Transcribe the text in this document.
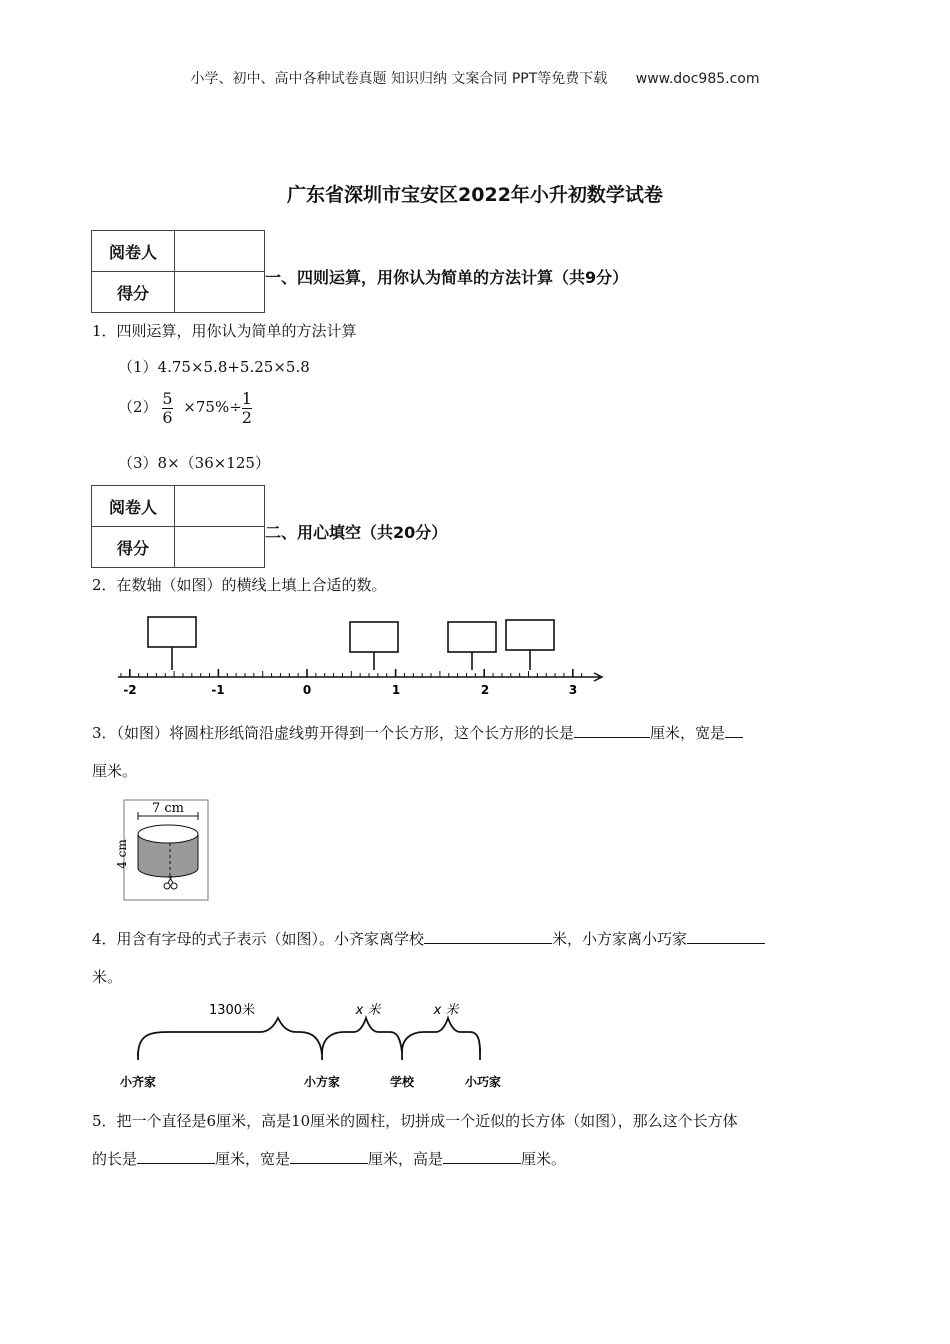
小学、初中、高中各种试卷真题 知识归纳 文案合同 PPT等免费下载 www.doc985.com
广东省深圳市宝安区2022年小升初数学试卷
阅卷人	
得分	
一、四则运算，用你认为简单的方法计算（共9分）
1．四则运算，用你认为简单的方法计算
（1）4.75×5.8+5.25×5.8
$(2) \frac{5}{6} \times 75\%\div \frac{1}{2}$
（3）8×（36×125）
阅卷人	
得分	
二、用心填空（共20分）
2．在数轴（如图）的横线上填上合适的数。
-2	-1	0	1	2	3
3．（如图）将圆柱形纸筒沿虚线剪开得到一个长方形，这个长方形的长是	厘米，宽是
厘米。
7 cm
4 cm
4．用含有字母的式子表示（如图）。小齐家离学校	米，小方家离小巧家
米。
1300米	x 米	x 米
小齐家	小方家	学校	小巧家
5．把一个直径是6厘米，高是10厘米的圆柱，切拼成一个近似的长方体（如图），那么这个长方体
的长是	厘米，宽是	厘米，高是	厘米。
